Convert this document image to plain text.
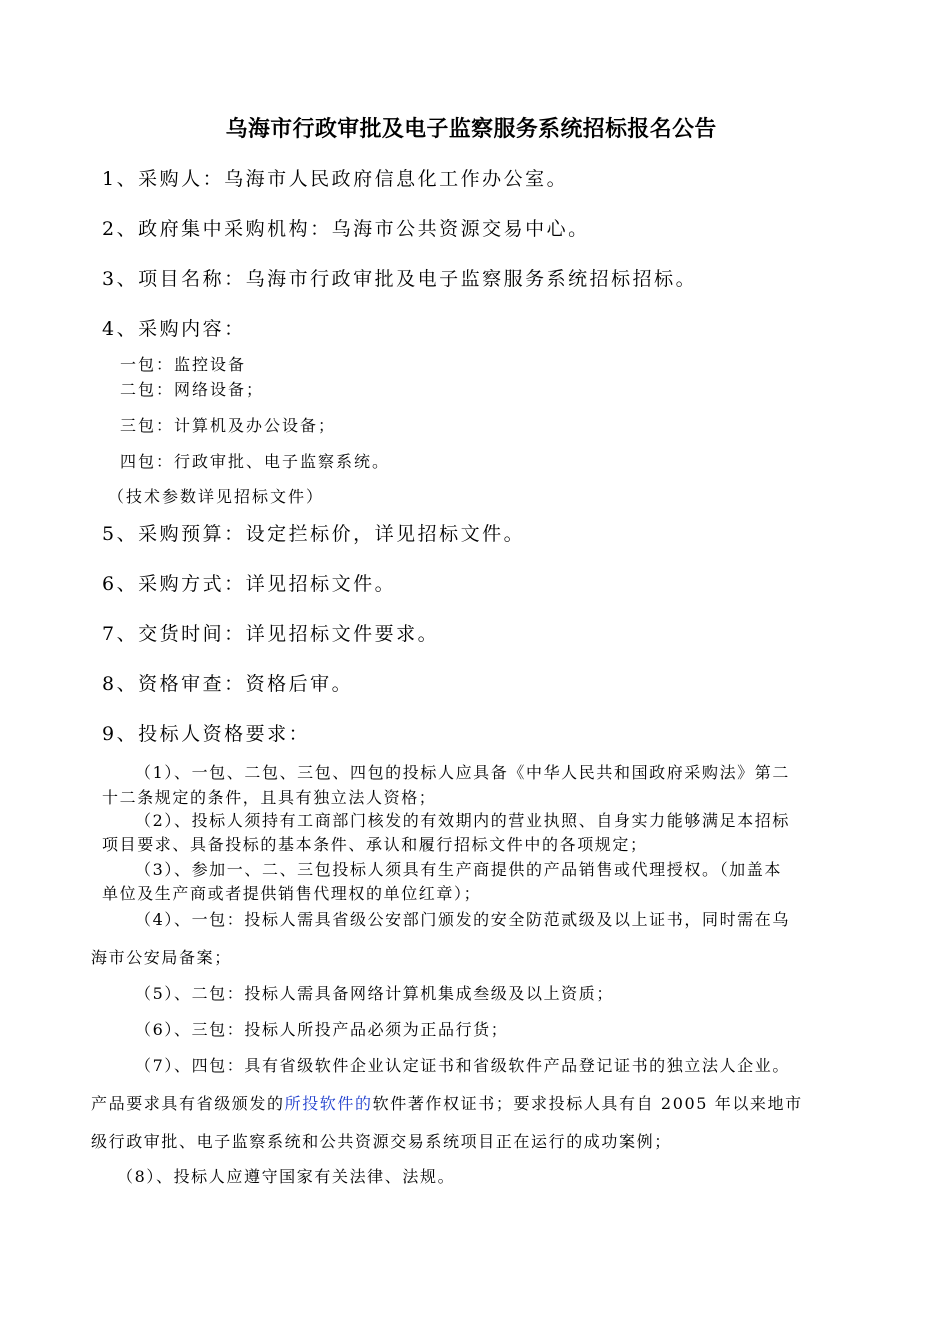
乌海市行政审批及电子监察服务系统招标报名公告
1、采购人：乌海市人民政府信息化工作办公室。
2、政府集中采购机构：乌海市公共资源交易中心。
3、项目名称：乌海市行政审批及电子监察服务系统招标招标。
4、采购内容：
一包：监控设备
二包：网络设备；
三包：计算机及办公设备；
四包：行政审批、电子监察系统。
（技术参数详见招标文件）
5、采购预算：设定拦标价，详见招标文件。
6、采购方式：详见招标文件。
7、交货时间：详见招标文件要求。
8、资格审查：资格后审。
9、投标人资格要求：
（1）、一包、二包、三包、四包的投标人应具备《中华人民共和国政府采购法》第二
十二条规定的条件，且具有独立法人资格；
（2）、投标人须持有工商部门核发的有效期内的营业执照、自身实力能够满足本招标
项目要求、具备投标的基本条件、承认和履行招标文件中的各项规定；
（3）、参加一、二、三包投标人须具有生产商提供的产品销售或代理授权。（加盖本
单位及生产商或者提供销售代理权的单位红章）；
（4）、一包：投标人需具省级公安部门颁发的安全防范贰级及以上证书，同时需在乌
海市公安局备案；
（5）、二包：投标人需具备网络计算机集成叁级及以上资质；
（6）、三包：投标人所投产品必须为正品行货；
（7）、四包：具有省级软件企业认定证书和省级软件产品登记证书的独立法人企业。
产品要求具有省级颁发的所投软件的软件著作权证书；要求投标人具有自 2005 年以来地市
级行政审批、电子监察系统和公共资源交易系统项目正在运行的成功案例；
（8）、投标人应遵守国家有关法律、法规。
